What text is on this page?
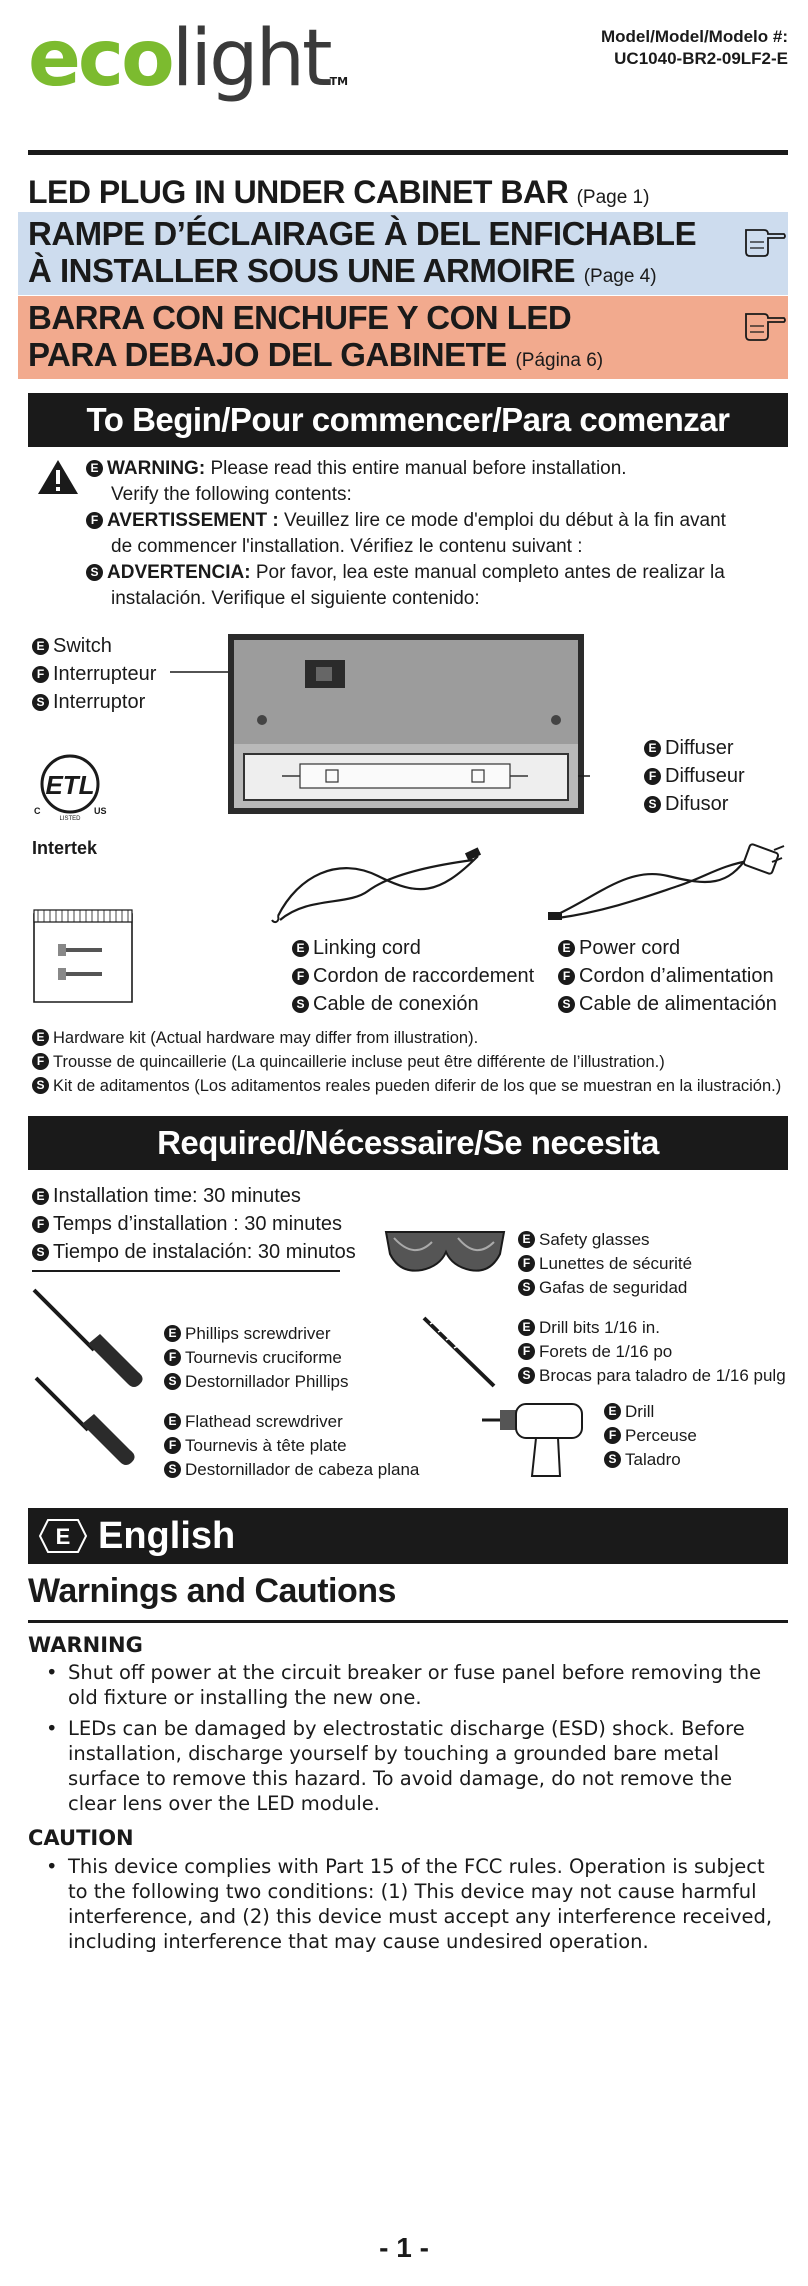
ecolightTM
Model/Model/Modelo #:
UC1040-BR2-09LF2-E
LED PLUG IN UNDER CABINET BAR (Page 1)
RAMPE D’ÉCLAIRAGE À DEL ENFICHABLE
À INSTALLER SOUS UNE ARMOIRE (Page 4)
BARRA CON ENCHUFE Y CON LED
PARA DEBAJO DEL GABINETE (Página 6)
To Begin/Pour commencer/Para comenzar
E WARNING: Please read this entire manual before installation.
Verify the following contents:
F AVERTISSEMENT : Veuillez lire ce mode d'emploi du début à la fin avant
de commencer l'installation. Vérifiez le contenu suivant :
S ADVERTENCIA: Por favor, lea este manual completo antes de realizar la
instalación. Verifique el siguiente contenido:
E Switch
F Interrupteur
S Interruptor
E Diffuser
F Diffuseur
S Difusor
ETL
C	US
LISTED
Intertek
E Linking cord
F Cordon de raccordement
S Cable de conexión
E Power cord
F Cordon d’alimentation
S Cable de alimentación
E Hardware kit (Actual hardware may differ from illustration).
F Trousse de quincaillerie (La quincaillerie incluse peut être différente de l’illustration.)
S Kit de aditamentos (Los aditamentos reales pueden diferir de los que se muestran en la ilustración.)
Required/Nécessaire/Se necesita
E Installation time: 30 minutes
F Temps d’installation : 30 minutes
S Tiempo de instalación: 30 minutos
E Safety glasses
F Lunettes de sécurité
S Gafas de seguridad
E Phillips screwdriver
F Tournevis cruciforme
S Destornillador Phillips
E Drill bits 1/16 in.
F Forets de 1/16 po
S Brocas para taladro de 1/16 pulg
E Flathead screwdriver
F Tournevis à tête plate
S Destornillador de cabeza plana
E Drill
F Perceuse
S Taladro
E English
Warnings and Cautions
WARNING
• Shut off power at the circuit breaker or fuse panel before removing the old fixture or installing the new one.
• LEDs can be damaged by electrostatic discharge (ESD) shock. Before installation, discharge yourself by touching a grounded bare metal surface to remove this hazard. To avoid damage, do not remove the clear lens over the LED module.
CAUTION
• This device complies with Part 15 of the FCC rules. Operation is subject to the following two conditions: (1) This device may not cause harmful interference, and (2) this device must accept any interference received, including interference that may cause undesired operation.
- 1 -
